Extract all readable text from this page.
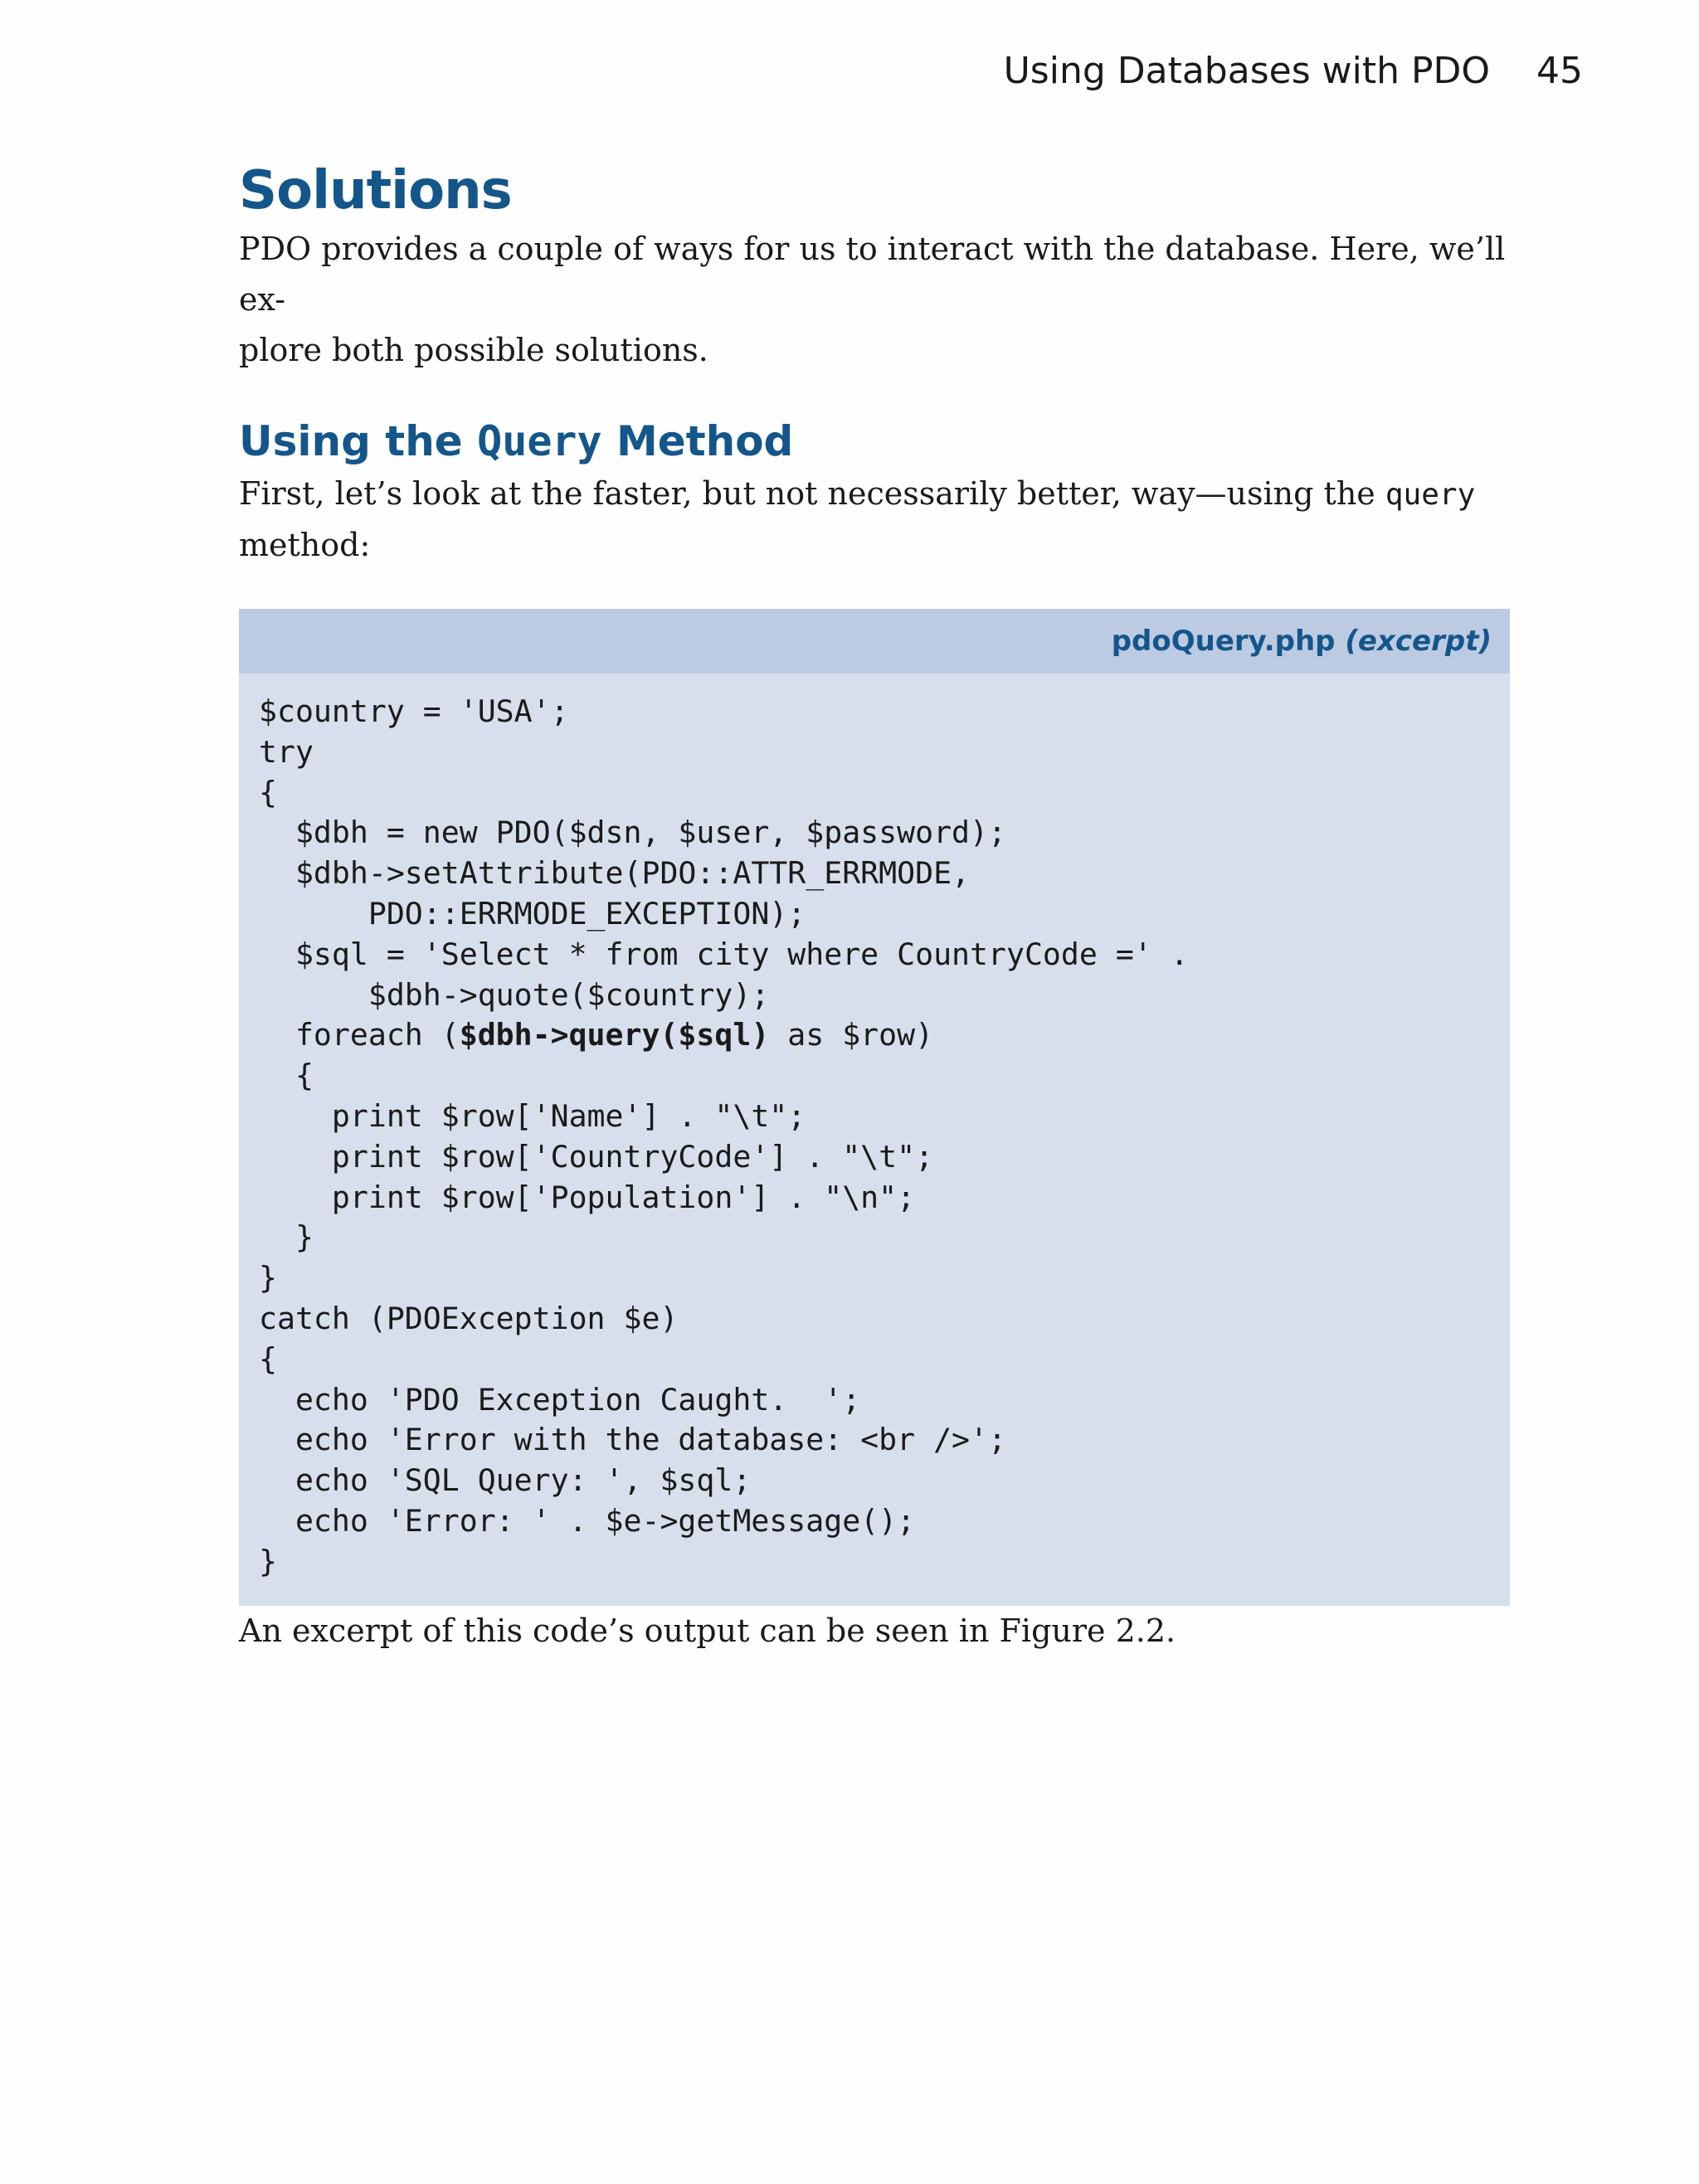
Using Databases with PDO 45
Solutions

PDO provides a couple of ways for us to interact with the database. Here, we’ll ex-
plore both possible solutions.

Using the Query Method

First, let’s look at the faster, but not necessarily better, way—using the query
method:

pdoQuery.php (excerpt)
$country = 'USA';
try
{
$dbh = new PDO($dsn, $user, $password);
$dbh->setAttribute(PDO::ATTR_ERRMODE,
PDO::ERRMODE_EXCEPTION);
$sql = 'Select * from city where CountryCode =' .
$dbh->quote($country);
foreach ($dbh->query($sql) as $row)
{
print $row['Name'] . "\t";
print $row['CountryCode'] . "\t";
print $row['Population'] . "\n";
}
}
catch (PDOException $e)
{
echo 'PDO Exception Caught.  ';
echo 'Error with the database: <br />';
echo 'SQL Query: ', $sql;
echo 'Error: ' . $e->getMessage();
}

An excerpt of this code’s output can be seen in Figure 2.2.
